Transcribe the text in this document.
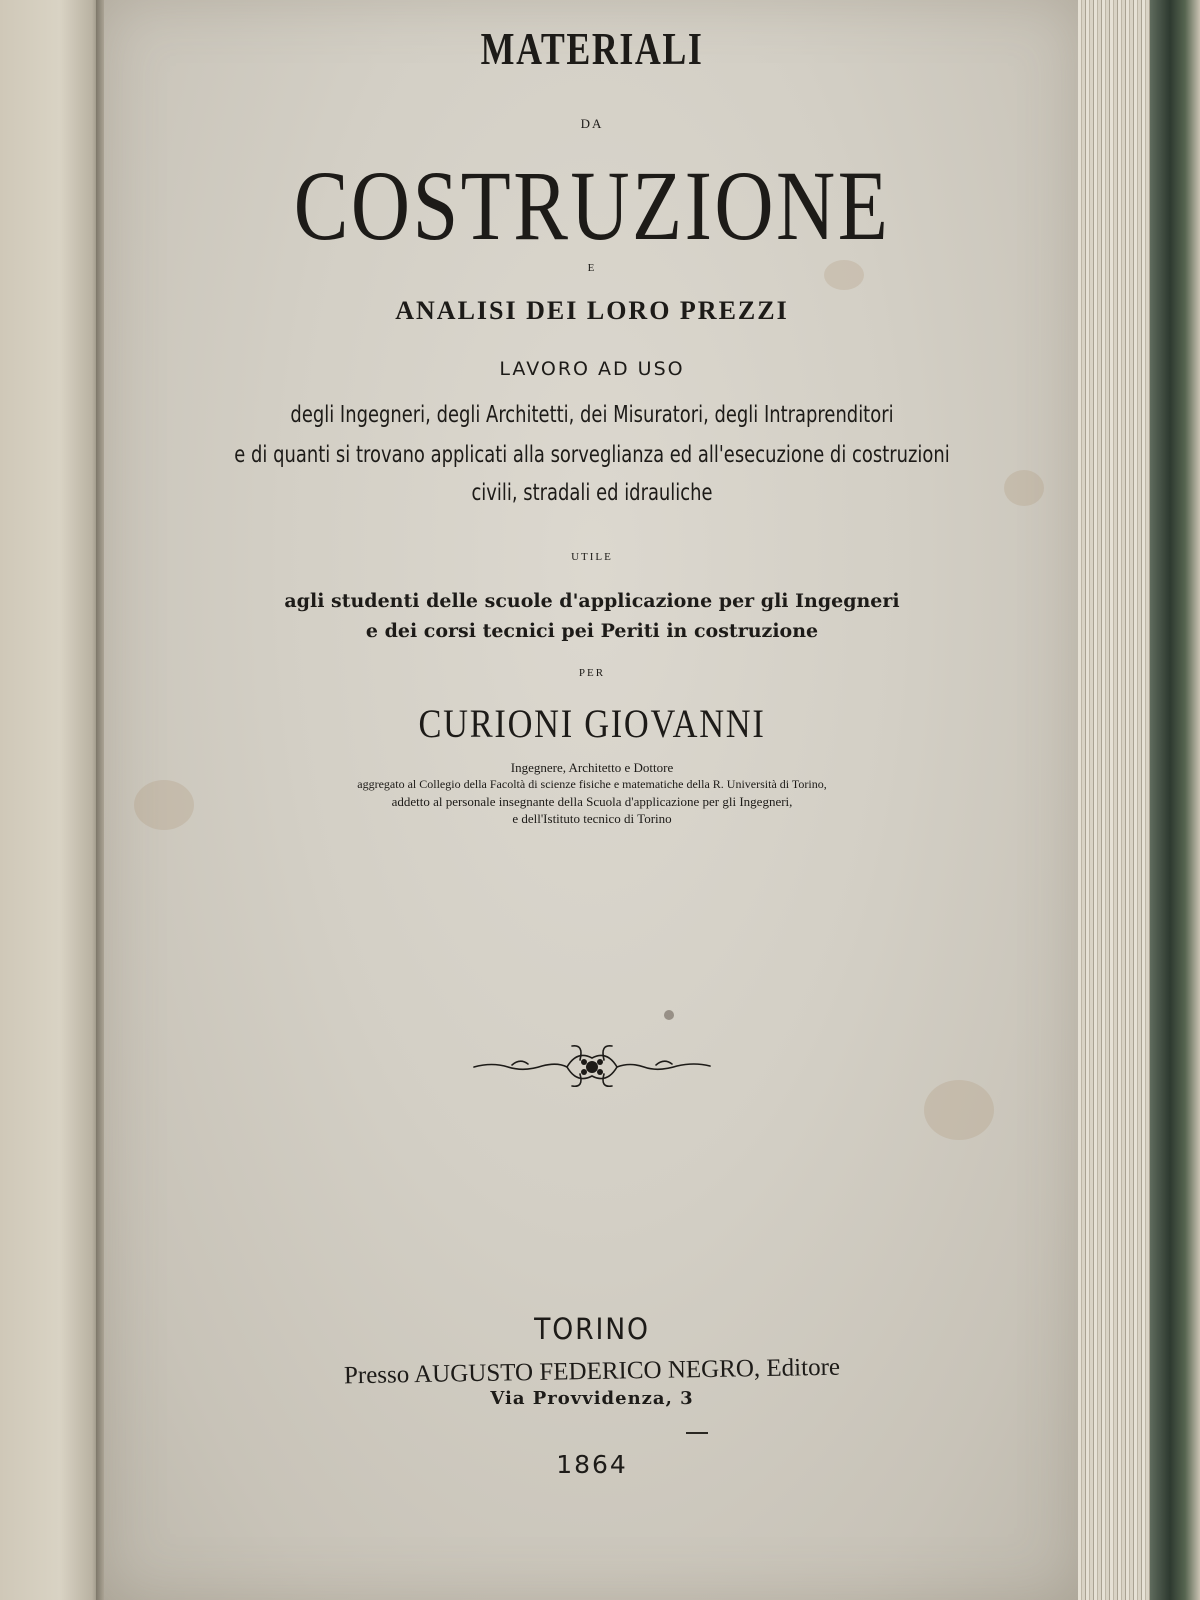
MATERIALI
DA
COSTRUZIONE
E
ANALISI DEI LORO PREZZI
LAVORO AD USO
degli Ingegneri, degli Architetti, dei Misuratori, degli Intraprenditori
e di quanti si trovano applicati alla sorveglianza ed all'esecuzione di costruzioni
civili, stradali ed idrauliche
UTILE
agli studenti delle scuole d'applicazione per gli Ingegneri
e dei corsi tecnici pei Periti in costruzione
PER
CURIONI GIOVANNI
Ingegnere, Architetto e Dottore
aggregato al Collegio della Facoltà di scienze fisiche e matematiche della R. Università di Torino,
addetto al personale insegnante della Scuola d'applicazione per gli Ingegneri,
e dell'Istituto tecnico di Torino
TORINO
Presso AUGUSTO FEDERICO NEGRO, Editore
Via Provvidenza, 3
1864
